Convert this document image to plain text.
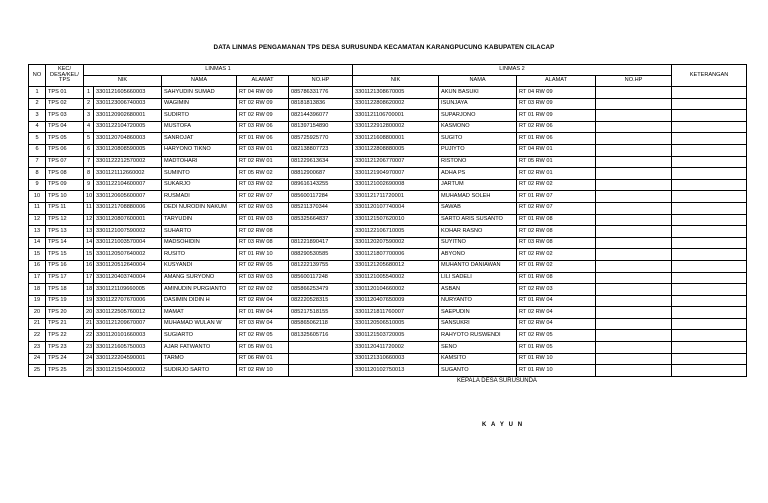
DATA LINMAS PENGAMANAN TPS DESA SURUSUNDA KECAMATAN KARANGPUCUNG KABUPATEN CILACAP
NO	KEC/ DESA/KEL/ TPS	LINMAS 1					LINMAS 2				KETERANGAN
		NIK		NAMA	ALAMAT	NO.HP	NIK	NAMA	ALAMAT	NO.HP	
1	TPS 01	1	3301121605660003	SAHYUDIN SUMAD	RT 04 RW 09	085786331776	3301121308670005	AKUN BASUKI	RT 04 RW 09		
2	TPS 02	2	3301123006740003	WAGIMIN	RT 02 RW 09	08181813836	3301122808620002	ISUNJAYA	RT 03 RW 09		
3	TPS 03	3	3301120902680001	SUDIRTO	RT 02 RW 09	082144396077	3301121106700001	SUPARJONO	RT 01 RW 09		
4	TPS 04	4	3301122104720005	MUSTOFA	RT 03 RW 06	081397154890	3301122912800002	KASMONO	RT 02 RW 06		
5	TPS 05	5	3301120704860003	SANROJAT	RT 01 RW 06	085725925770	3301121608800001	SUGITO	RT 01 RW 06		
6	TPS 06	6	3301120808590005	HARYONO TIKNO	RT 03 RW 01	082138807723	3301122808880005	PUJIYTO	RT 04 RW 01		
7	TPS 07	7	3301122212570002	MADTOHARI	RT 02 RW 01	081229613634	3301121206770007	RISTONO	RT 05 RW 01		
8	TPS 08	8	3301121112660002	SUMINTO	RT 05 RW 02	08812900687	3301121904970007	ADHA PS	RT 02 RW 01		
9	TPS 09	9	3301122104600007	SUKARJO	RT 03 RW 02	089616143255	3301121002690008	JARTUM	RT 02 RW 02		
10	TPS 10	10	3301120605600007	RUSMADI	RT 02 RW 07	085600117284	3301121711720001	MUHAMAD SOLEH	RT 01 RW 07		
11	TPS 11	11	3301121708880006	DEDI NURODIN NAKUM	RT 02 RW 03	085211370344	3301120107740004	SAWAB	RT 02 RW 07		
12	TPS 12	12	3301120807600001	TARYUDIN	RT 01 RW 03	085325664837	3301121507620010	SARTO ARIS SUSANTO	RT 01 RW 08		
13	TPS 13	13	3301121007590002	SUHARTO	RT 02 RW 08		3301122106710005	KOHAR RASNO	RT 02 RW 08		
14	TPS 14	14	3301121003570004	MADSOHIDIN	RT 03 RW 08	081221890417	3301120207590002	SUYITNO	RT 03 RW 08		
15	TPS 15	15	3301120507640002	RUSITO	RT 01 RW 10	088290530585	3301121807700006	ABYONO	RT 02 RW 02		
16	TPS 16	16	3301120512640004	KUSYANDI	RT 02 RW 05	081222139755	3301121205680012	MUHANTO DANIAWAN	RT 01 RW 02		
17	TPS 17	17	3301120403740004	AMANG SURYONO	RT 03 RW 03	085600117248	3301121005540002	LILI SADELI	RT 01 RW 08		
18	TPS 18	18	3301121109660005	AMINUDIN PURGIANTO	RT 02 RW 02	085866253479	3301120104660002	ASBAN	RT 02 RW 03		
19	TPS 19	19	3301122707670006	DASIMIN DIDIN H	RT 02 RW 04	082220528315	3301120407650009	NURYANTO	RT 01 RW 04		
20	TPS 20	20	3301122505760012	MAMAT	RT 01 RW 04	085217518155	3301121811760007	SAEPUDIN	RT 02 RW 04		
21	TPS 21	21	3301121209670007	MUHAMAD WULAN W	RT 03 RW 04	085865062118	3301120506510005	SANSUKRI	RT 02 RW 04		
22	TPS 22	22	3301120101660003	SUGIARTO	RT 02 RW 05	081325605716	3301121503720005	RAHYOTO RUSWENDI	RT 02 RW 05		
23	TPS 23	23	3301121605750003	AJAR FATWANTO	RT 05 RW 01		3301120411720002	SENO	RT 01 RW 05		
24	TPS 24	24	3301122204590001	TARMO	RT 06 RW 01		3301121310660003	KAMSITO	RT 01 RW 10		
25	TPS 25	25	3301121504590002	SUDIRJO SARTO	RT 02 RW 10		3301120102750013	SUGANTO	RT 01 RW 10		
KEPALA DESA SURUSUNDA
K A Y U N
